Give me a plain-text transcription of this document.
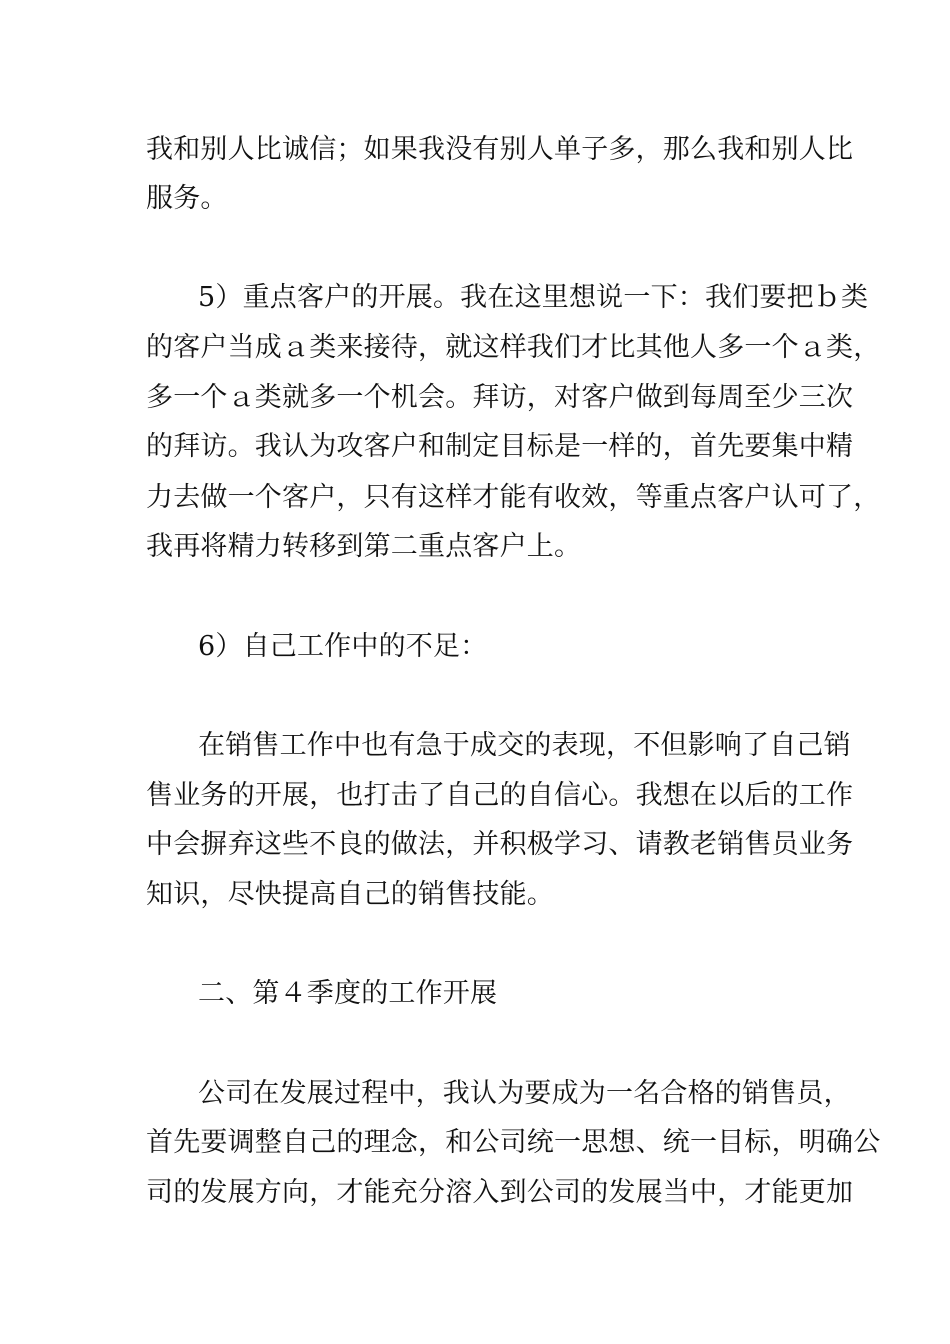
我和别人比诚信；如果我没有别人单子多，那么我和别人比
服务。
5）重点客户的开展。我在这里想说一下：我们要把ｂ类
的客户当成ａ类来接待，就这样我们才比其他人多一个ａ类，
多一个ａ类就多一个机会。拜访，对客户做到每周至少三次
的拜访。我认为攻客户和制定目标是一样的，首先要集中精
力去做一个客户，只有这样才能有收效，等重点客户认可了，
我再将精力转移到第二重点客户上。
6）自己工作中的不足：
在销售工作中也有急于成交的表现，不但影响了自己销
售业务的开展，也打击了自己的自信心。我想在以后的工作
中会摒弃这些不良的做法，并积极学习、请教老销售员业务
知识，尽快提高自己的销售技能。
二、第４季度的工作开展
公司在发展过程中，我认为要成为一名合格的销售员，
首先要调整自己的理念，和公司统一思想、统一目标，明确公
司的发展方向，才能充分溶入到公司的发展当中，才能更加
